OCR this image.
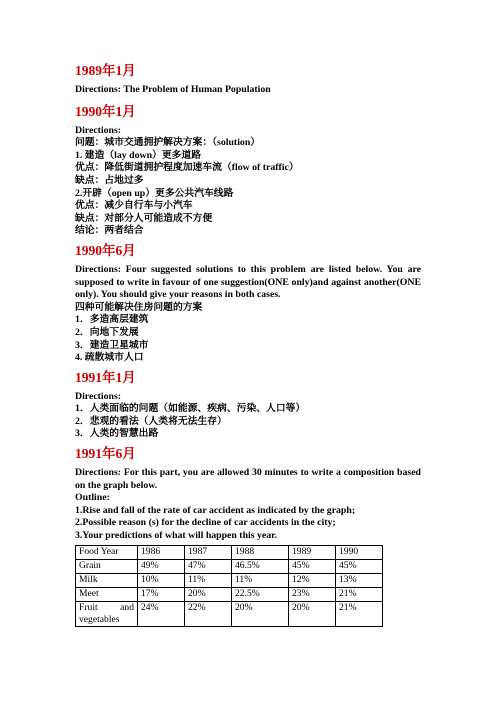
1989年1月
Directions: The Problem of Human Population
1990年1月
Directions:
问题：城市交通拥护解决方案：（solution）
1. 建造（lay down）更多道路
优点：降低街道拥护程度加速车流（flow of traffic）
缺点：占地过多
2.开辟（open up）更多公共汽车线路
优点：减少自行车与小汽车
缺点：对部分人可能造成不方便
结论：两者结合
1990年6月
Directions: Four suggested solutions to this problem are listed below. You are supposed to write in favour of one suggestion(ONE only)and against another(ONE only). You should give your reasons in both cases.
四种可能解决住房问题的方案
1．多造高层建筑
2．向地下发展
3．建造卫星城市
4. 疏散城市人口
1991年1月
Directions:
1．人类面临的问题（如能源、疾病、污染、人口等）
2．悲观的看法（人类将无法生存）
3．人类的智慧出路
1991年6月
Directions: For this part, you are allowed 30 minutes to write a composition based on the graph below.
Outline:
1.Rise and fall of the rate of car accident as indicated by the graph;
2.Possible reason (s) for the decline of car accidents in the city;
3.Your predictions of what will happen this year.
Food Year	1986	1987	1988	1989	1990
Grain	49%	47%	46.5%	45%	45%
Milk	10%	11%	11%	12%	13%
Meet	17%	20%	22.5%	23%	21%
Fruit and vegetables	24%	22%	20%	20%	21%
